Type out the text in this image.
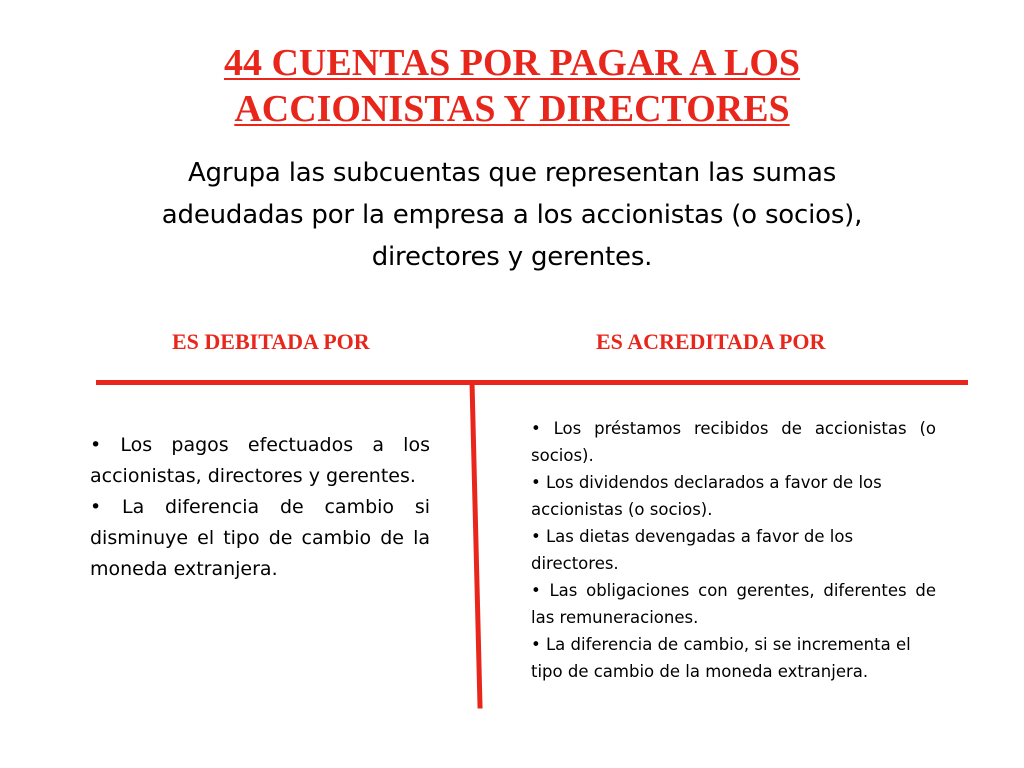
44 CUENTAS POR PAGAR A LOS
ACCIONISTAS Y DIRECTORES
Agrupa las subcuentas que representan las sumas
adeudadas por la empresa a los accionistas (o socios),
directores y gerentes.
ES DEBITADA POR	ES ACREDITADA POR

• Los pagos efectuados a los accionistas, directores y gerentes.

• La diferencia de cambio si disminuye el tipo de cambio de la moneda extranjera.

• Los préstamos recibidos de accionistas (o socios).

• Los dividendos declarados a favor de los accionistas (o socios).

• Las dietas devengadas a favor de los directores.

• Las obligaciones con gerentes, diferentes de las remuneraciones.

• La diferencia de cambio, si se incrementa el tipo de cambio de la moneda extranjera.
